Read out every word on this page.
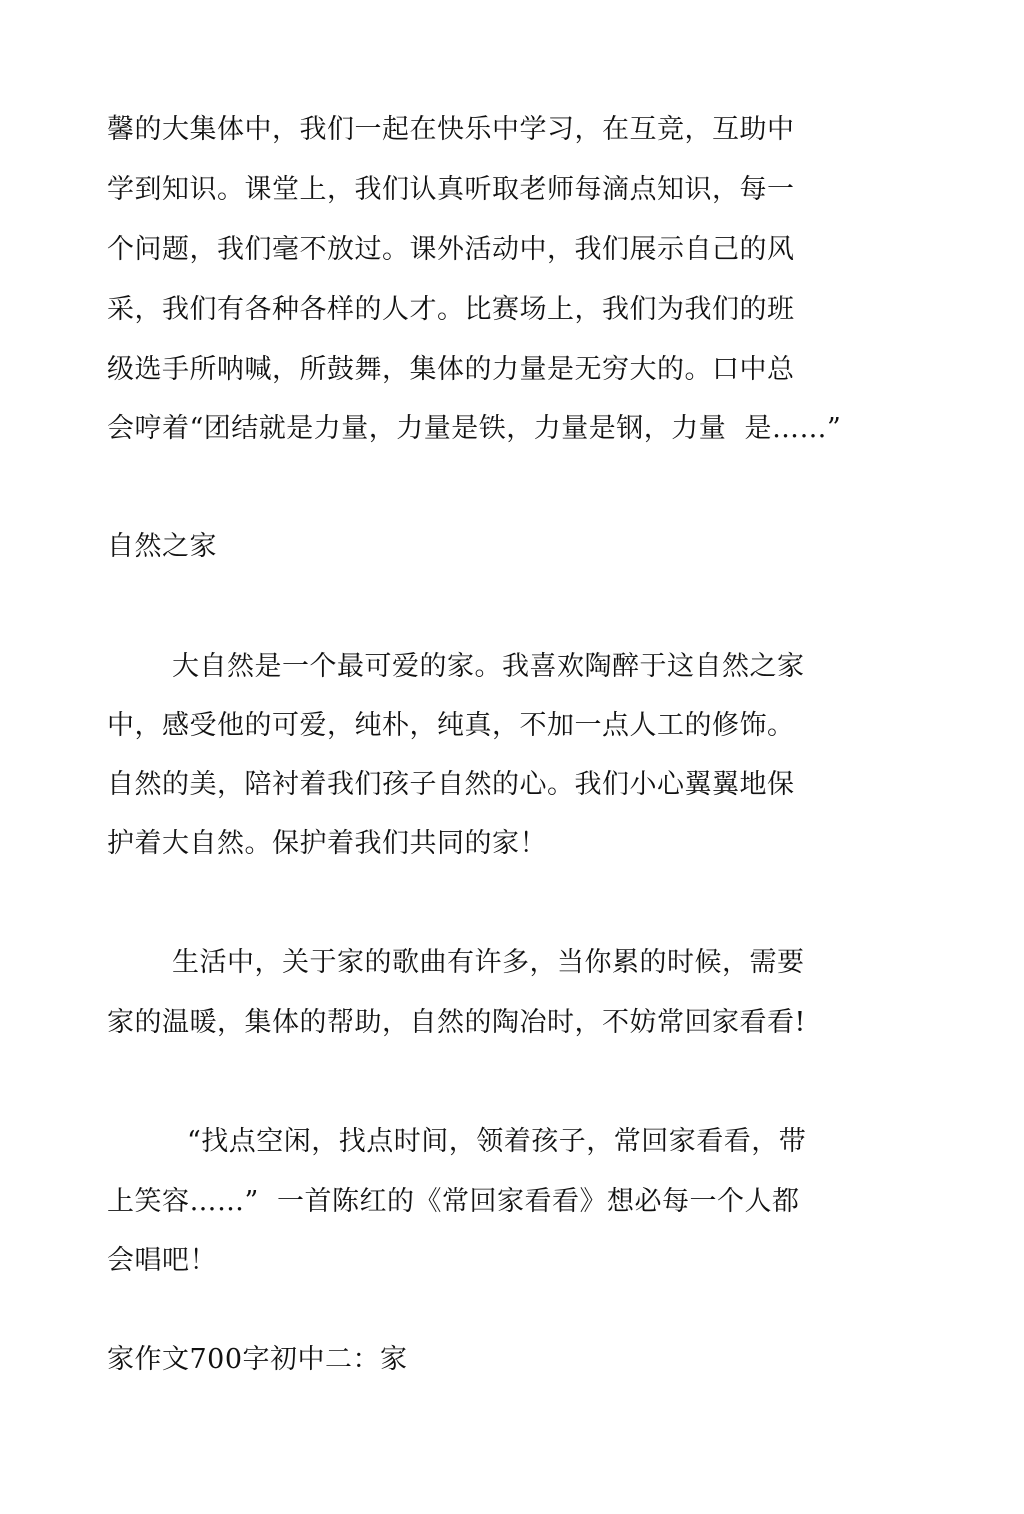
馨的大集体中，我们一起在快乐中学习，在互竞，互助中
学到知识。课堂上，我们认真听取老师每滴点知识，每一
个问题，我们毫不放过。课外活动中，我们展示自己的风
采，我们有各种各样的人才。比赛场上，我们为我们的班
级选手所呐喊，所鼓舞，集体的力量是无穷大的。口中总
会哼着“团结就是力量，力量是铁，力量是钢，力量  是……”
自然之家
大自然是一个最可爱的家。我喜欢陶醉于这自然之家
中，感受他的可爱，纯朴，纯真，不加一点人工的修饰。
自然的美，陪衬着我们孩子自然的心。我们小心翼翼地保
护着大自然。保护着我们共同的家！
生活中，关于家的歌曲有许多，当你累的时候，需要
家的温暖，集体的帮助，自然的陶冶时，不妨常回家看看!
“找点空闲，找点时间，领着孩子，常回家看看，带
上笑容……”  一首陈红的《常回家看看》想必每一个人都
会唱吧！
家作文700字初中二：家
